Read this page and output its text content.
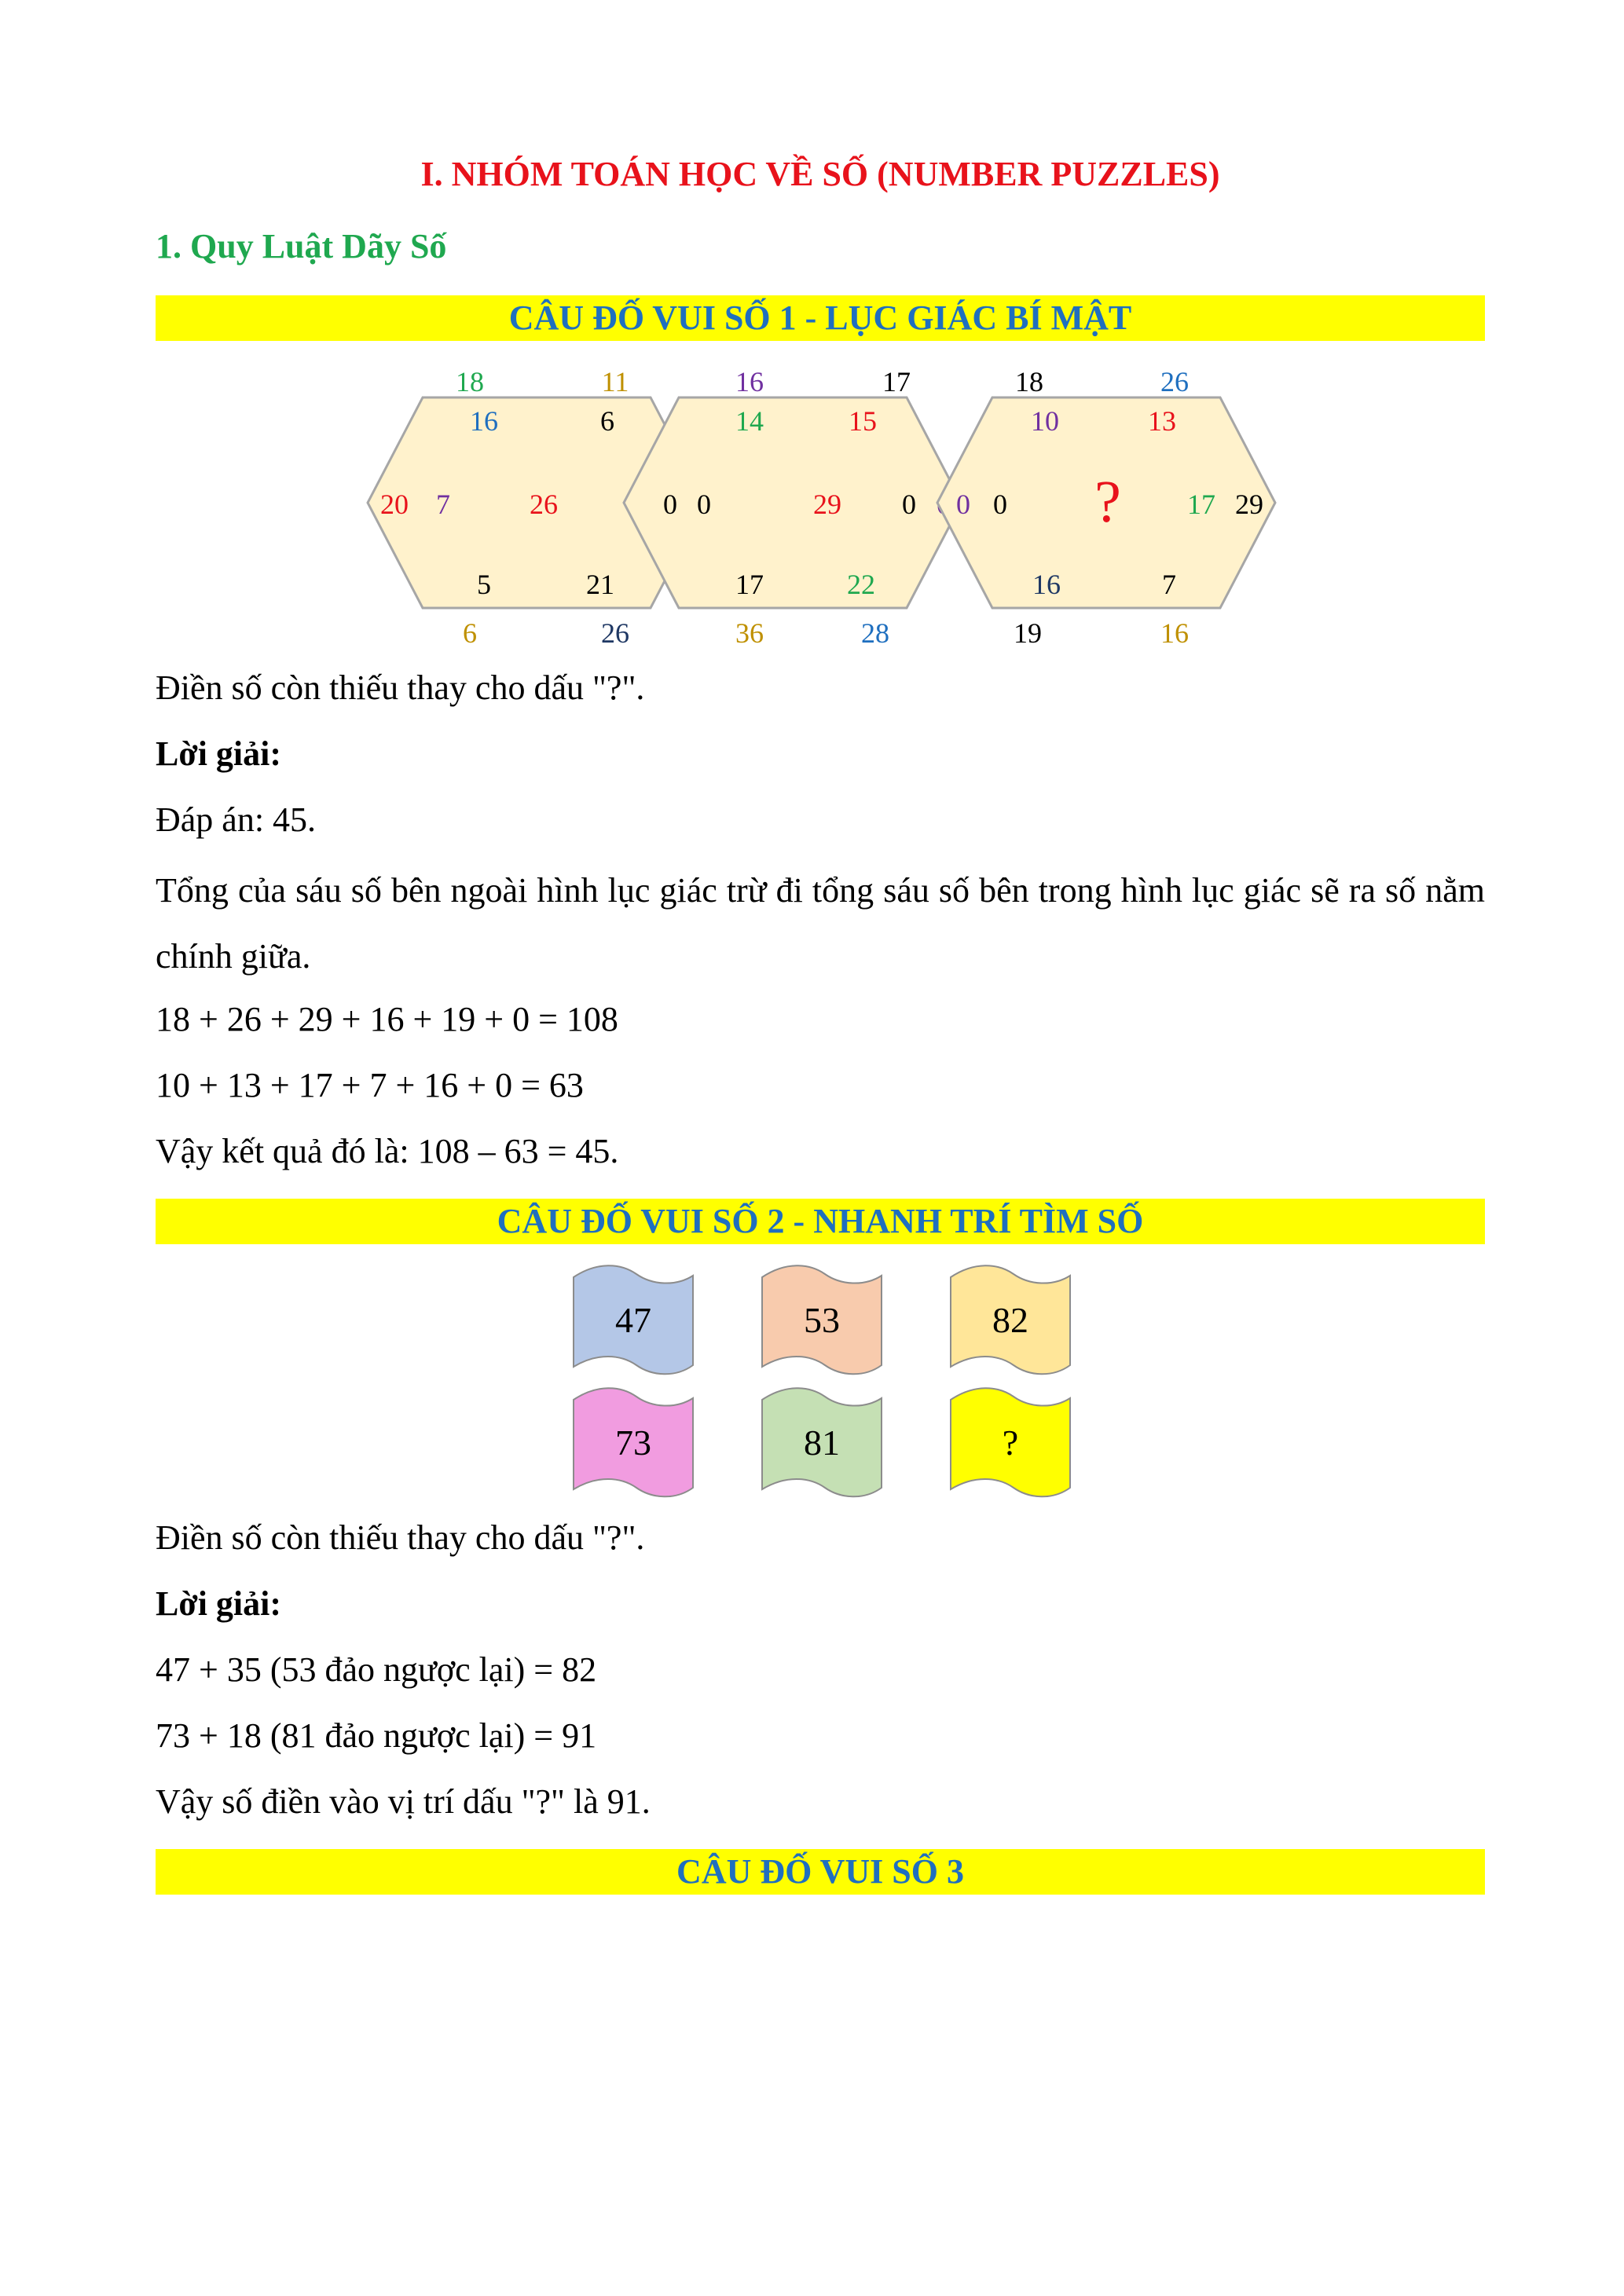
I. NHÓM TOÁN HỌC VỀ SỐ (NUMBER PUZZLES)
1. Quy Luật Dãy Số
CÂU ĐỐ VUI SỐ 1 - LỤC GIÁC BÍ MẬT
18	11
20
6	26
16	6
7
5	21
26
16	17
0
36	28
14	15
0	0
17	22
29
18	26
0	29
19	16
10	13
0	17
16	7
?
Điền số còn thiếu thay cho dấu "?".
Lời giải:
Đáp án: 45.
Tổng của sáu số bên ngoài hình lục giác trừ đi tổng sáu số bên trong hình lục giác sẽ ra số nằm chính giữa.
18 + 26 + 29 + 16 + 19 + 0 = 108
10 + 13 + 17 + 7 + 16 + 0 = 63
Vậy kết quả đó là: 108 – 63 = 45.
CÂU ĐỐ VUI SỐ 2 - NHANH TRÍ TÌM SỐ
47	53	82
73	81	?
Điền số còn thiếu thay cho dấu "?".
Lời giải:
47 + 35 (53 đảo ngược lại) = 82
73 + 18 (81 đảo ngược lại) = 91
Vậy số điền vào vị trí dấu "?" là 91.
CÂU ĐỐ VUI SỐ 3
